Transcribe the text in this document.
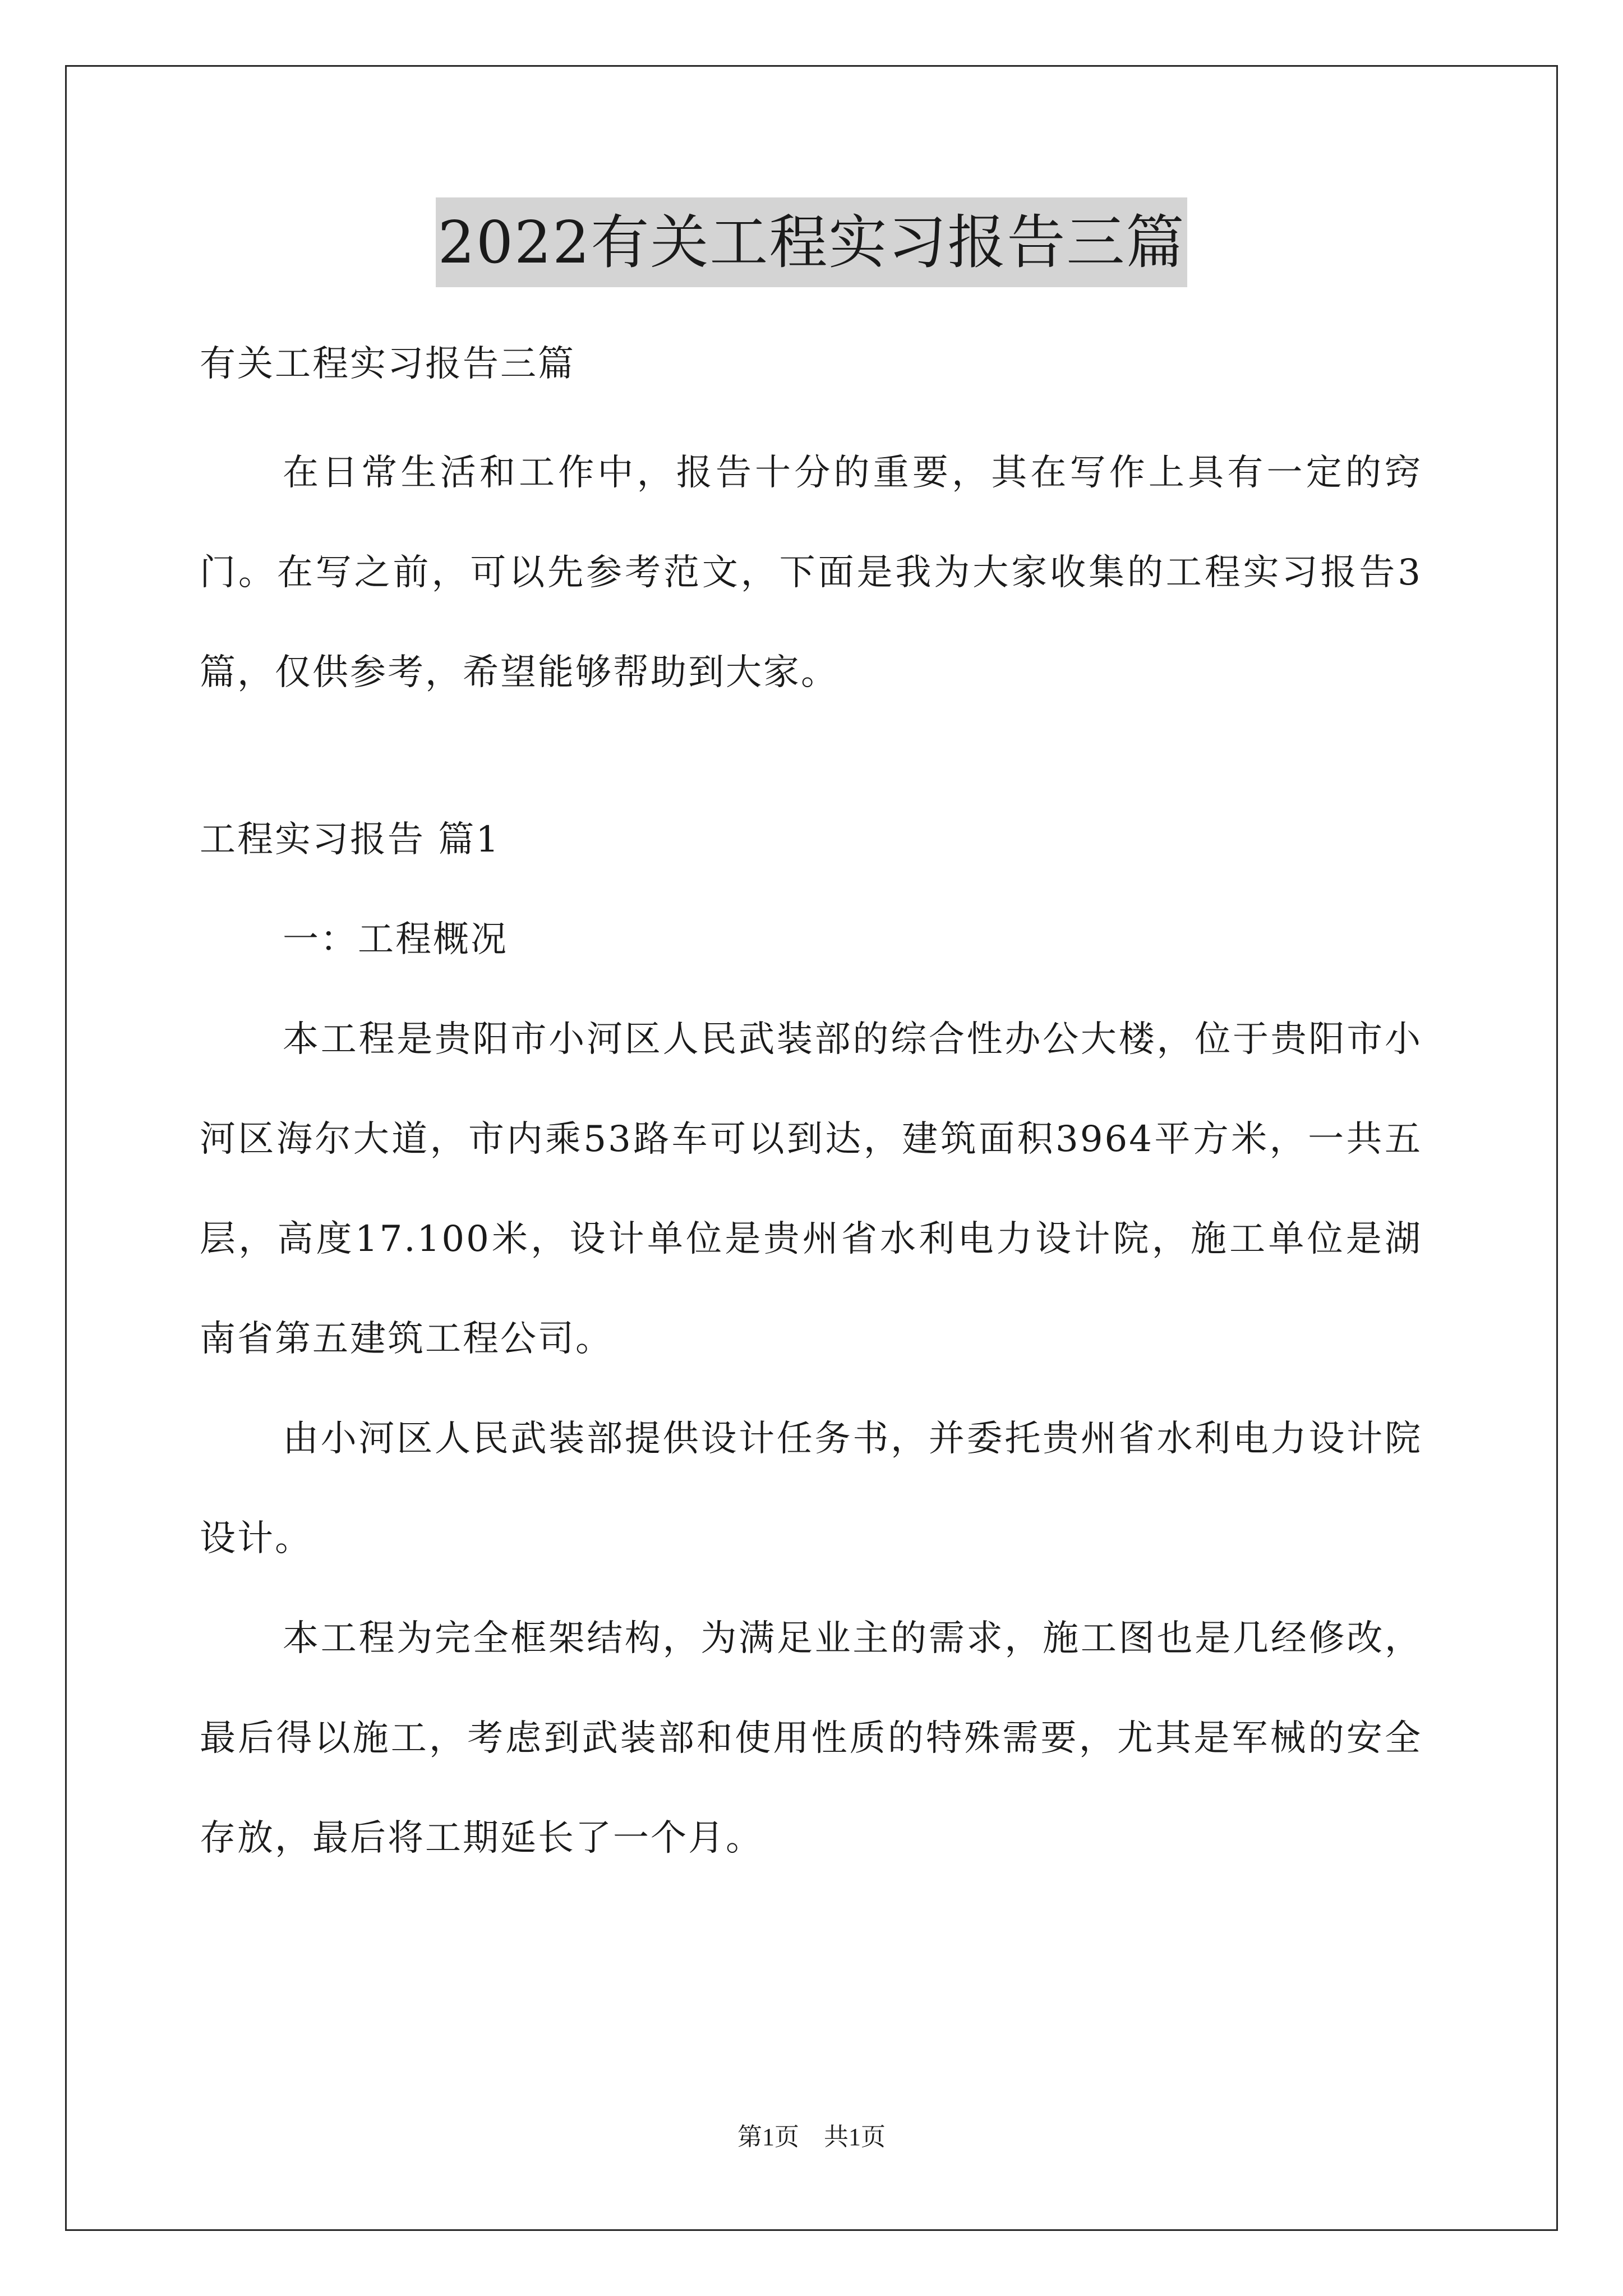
2022有关工程实习报告三篇

有关工程实习报告三篇

在日常生活和工作中，报告十分的重要，其在写作上具有一定的窍门。在写之前，可以先参考范文，下面是我为大家收集的工程实习报告3篇，仅供参考，希望能够帮助到大家。

工程实习报告 篇1

一：工程概况

本工程是贵阳市小河区人民武装部的综合性办公大楼，位于贵阳市小河区海尔大道，市内乘53路车可以到达，建筑面积3964平方米，一共五层，高度17.100米，设计单位是贵州省水利电力设计院，施工单位是湖南省第五建筑工程公司。

由小河区人民武装部提供设计任务书，并委托贵州省水利电力设计院设计。

本工程为完全框架结构，为满足业主的需求，施工图也是几经修改，最后得以施工，考虑到武装部和使用性质的特殊需要，尤其是军械的安全存放，最后将工期延长了一个月。

第1页　共1页
